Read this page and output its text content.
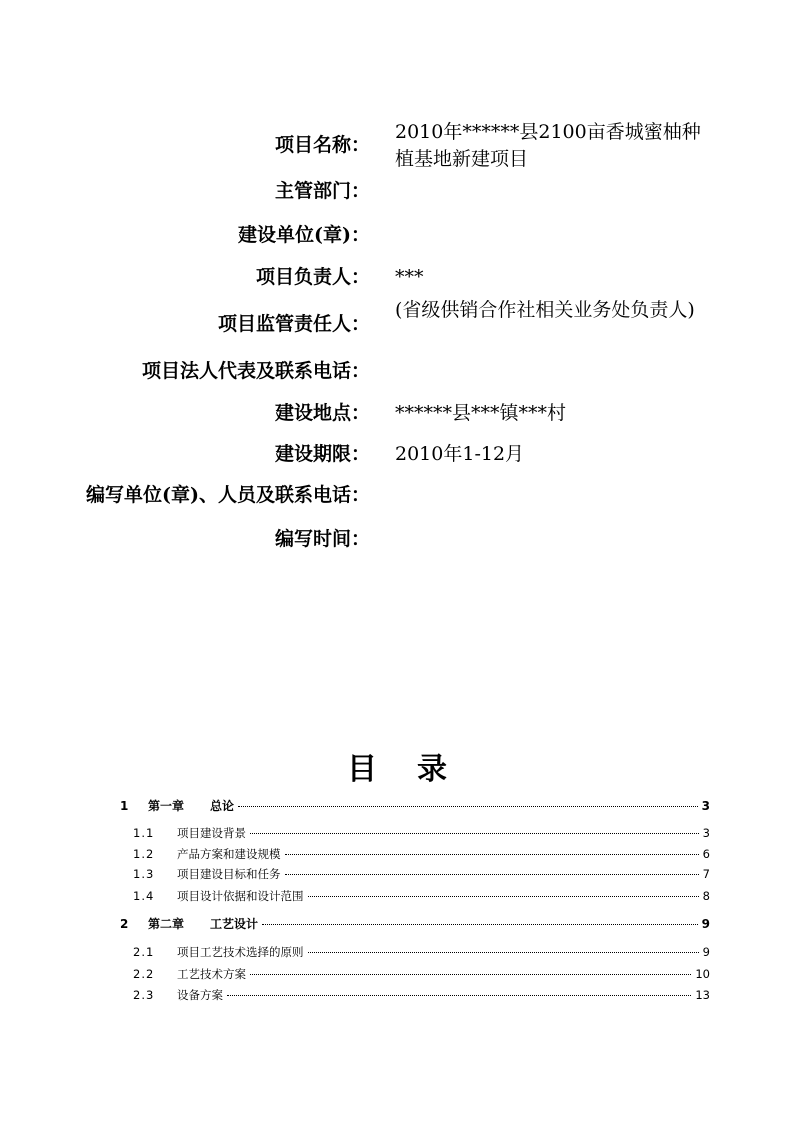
项目名称：
2010年******县2100亩香城蜜柚种植基地新建项目
主管部门：
建设单位(章)：
项目负责人： ***
项目监管责任人：
(省级供销合作社相关业务处负责人)
项目法人代表及联系电话：
建设地点： ******县***镇***村
建设期限： 2010年1-12月
编写单位(章)、人员及联系电话：
编写时间：
目录
1	第一章	总论	3
1.1	项目建设背景	3
1.2	产品方案和建设规模	6
1.3	项目建设目标和任务	7
1.4	项目设计依据和设计范围	8
2	第二章	工艺设计	9
2.1	项目工艺技术选择的原则	9
2.2	工艺技术方案	10
2.3	设备方案	13
